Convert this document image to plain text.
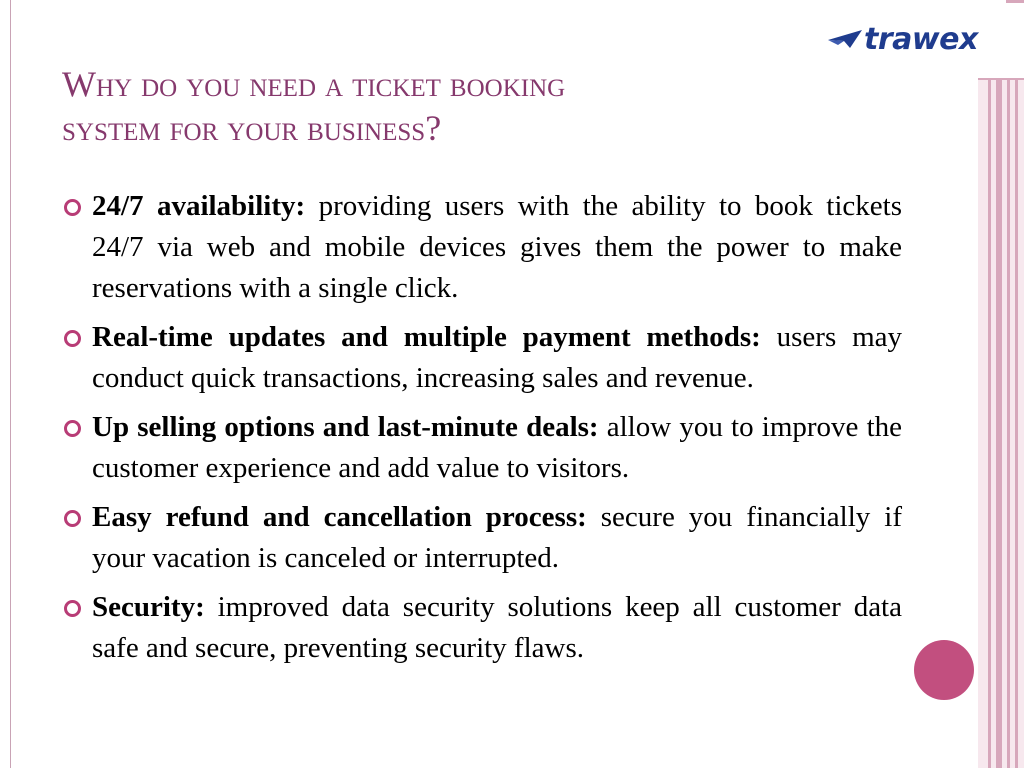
trawex
Why do you need a ticket booking
system for your business?
24/7 availability: providing users with the ability to book tickets 24/7 via web and mobile devices gives them the power to make reservations with a single click.
Real-time updates and multiple payment methods: users may conduct quick transactions, increasing sales and revenue.
Up selling options and last-minute deals: allow you to improve the customer experience and add value to visitors.
Easy refund and cancellation process: secure you financially if your vacation is canceled or interrupted.
Security: improved data security solutions keep all customer data safe and secure, preventing security flaws.
